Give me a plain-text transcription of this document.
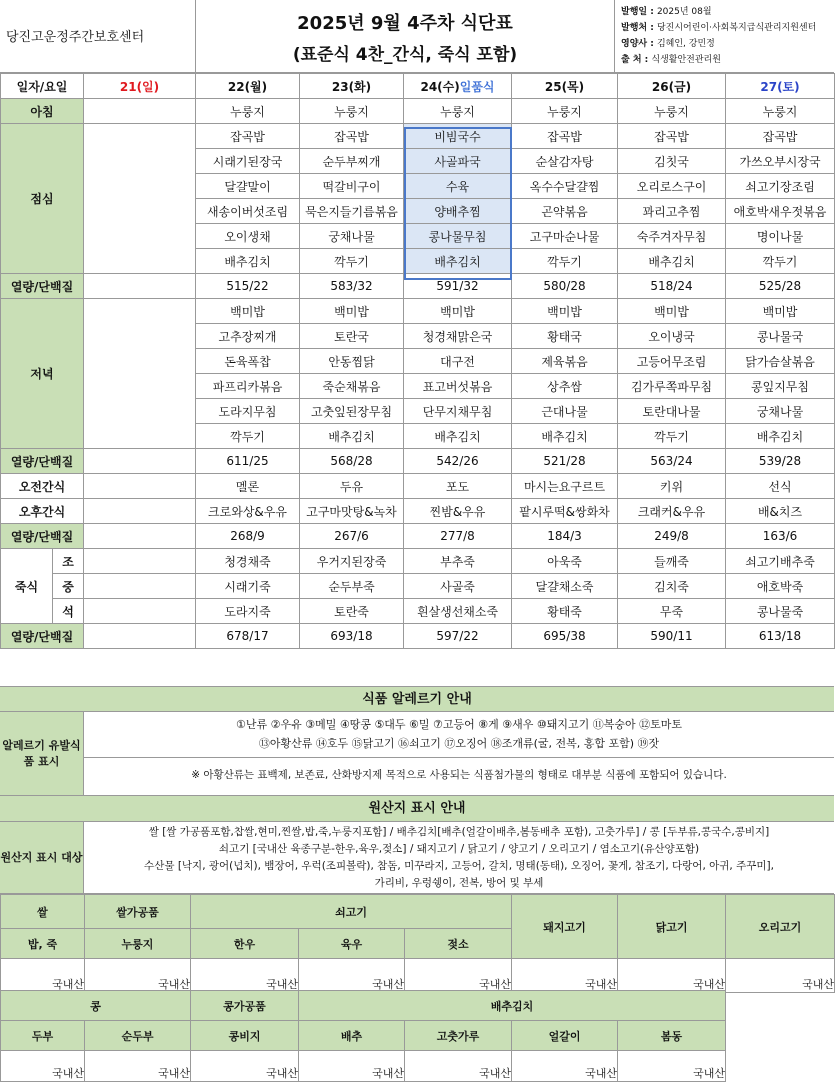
당진고운정주간보호센터
2025년 9월 4주차 식단표
(표준식 4찬_간식, 죽식 포함)
발행일 : 2025년 08월
발행처 : 당진시어린이·사회복지급식관리지원센터
영양사 : 김혜인, 강민정
출 처 : 식생활안전관리원
일자/요일		21(일)	22(월)	23(화)	24(수)일품식	25(목)	26(금)	27(토)
아침			누룽지	누룽지	누룽지	누룽지	누룽지	누룽지
점심			잡곡밥	잡곡밥	비빔국수	잡곡밥	잡곡밥	잡곡밥
			시래기된장국	순두부찌개	사골파국	순살감자탕	김칫국	가쓰오부시장국
			달걀말이	떡갈비구이	수육	옥수수달걀찜	오리로스구이	쇠고기장조림
			새송이버섯조림	묵은지들기름볶음	양배추찜	곤약볶음	꽈리고추찜	애호박새우젓볶음
			오이생채	궁채나물	콩나물무침	고구마순나물	숙주겨자무침	명이나물
			배추김치	깍두기	배추김치	깍두기	배추김치	깍두기
열량/단백질			515/22	583/32	591/32	580/28	518/24	525/28
저녁			백미밥	백미밥	백미밥	백미밥	백미밥	백미밥
			고추장찌개	토란국	청경채맑은국	황태국	오이냉국	콩나물국
			돈육폭찹	안동찜닭	대구전	제육볶음	고등어무조림	닭가슴살볶음
			파프리카볶음	죽순채볶음	표고버섯볶음	상추쌈	김가루쪽파무침	콩잎지무침
			도라지무침	고춧잎된장무침	단무지채무침	근대나물	토란대나물	궁채나물
			깍두기	배추김치	배추김치	배추김치	깍두기	배추김치
열량/단백질			611/25	568/28	542/26	521/28	563/24	539/28
오전간식			멜론	두유	포도	마시는요구르트	키위	선식
오후간식			크로와상&우유	고구마맛탕&녹차	찐밤&우유	팥시루떡&쌍화차	크래커&우유	배&치즈
열량/단백질			268/9	267/6	277/8	184/3	249/8	163/6
죽식	조		청경채죽	우거지된장죽	부추죽	아욱죽	들깨죽	쇠고기배추죽
	중		시래기죽	순두부죽	사골죽	달걀채소죽	김치죽	애호박죽
	석		도라지죽	토란죽	흰살생선채소죽	황태죽	무죽	콩나물죽
열량/단백질			678/17	693/18	597/22	695/38	590/11	613/18
식품 알레르기 안내
알레르기 유발식품 표시
①난류 ②우유 ③메밀 ④땅콩 ⑤대두 ⑥밀 ⑦고등어 ⑧게 ⑨새우 ⑩돼지고기 ⑪복숭아 ⑫토마토
⑬아황산류 ⑭호두 ⑮닭고기 ⑯쇠고기 ⑰오징어 ⑱조개류(굴, 전복, 홍합 포함) ⑲잣
※ 아황산류는 표백제, 보존료, 산화방지제 목적으로 사용되는 식품첨가물의 형태로 대부분 식품에 포함되어 있습니다.
원산지 표시 안내
원산지 표시 대상
쌀 [쌀 가공품포함,찹쌀,현미,찐쌀,밥,죽,누룽지포함] / 배추김치[배추(얼갈이배추,봄동배추 포함), 고춧가루] / 콩 [두부류,콩국수,콩비지]
쇠고기 [국내산 육종구분-한우,육우,젖소] / 돼지고기 / 닭고기 / 양고기 / 오리고기 / 염소고기(유산양포함)
수산물 [낙지, 광어(넙치), 뱀장어, 우럭(조피볼락), 참돔, 미꾸라지, 고등어, 갈치, 명태(동태), 오징어, 꽃게, 참조기, 다랑어, 아귀, 주꾸미],
가리비, 우렁쉥이, 전복, 방어 및 부세
쌀	쌀가공품	쇠고기			돼지고기	닭고기	오리고기
밥, 죽	누룽지	한우	육우	젖소			
국내산	국내산	국내산	국내산	국내산	국내산	국내산	국내산
콩		콩가공품	배추김치				
두부	순두부	콩비지	배추	고춧가루	얼갈이	봄동	
국내산	국내산	국내산	국내산	국내산	국내산	국내산	
